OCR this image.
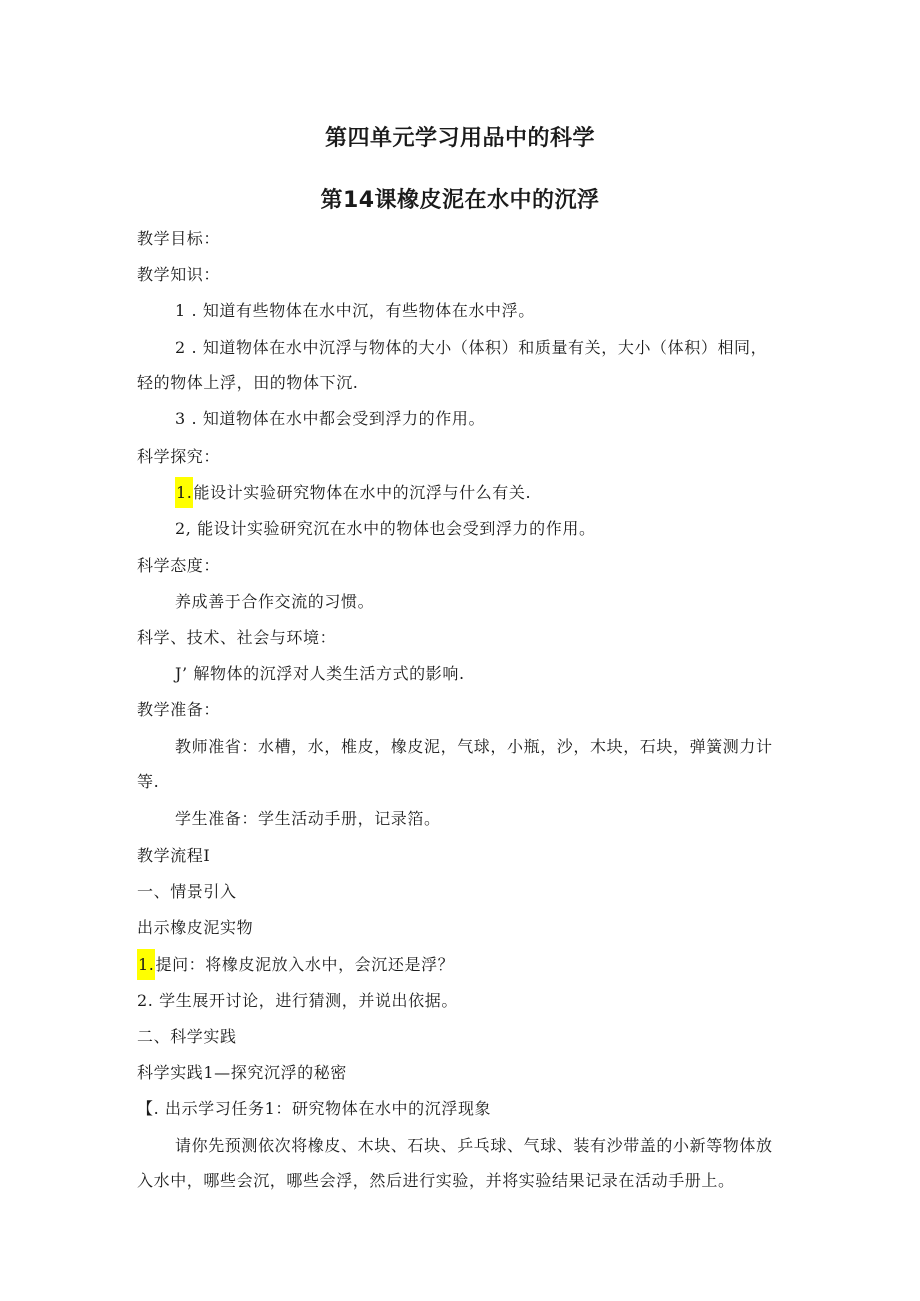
第四单元学习用品中的科学
第14课橡皮泥在水中的沉浮
教学目标：
教学知识：
1 . 知道有些物体在水中沉，有些物体在水中浮。
2 . 知道物体在水中沉浮与物体的大小（体积）和质量有关，大小（体积）相同，
轻的物体上浮，田的物体下沉.
3 . 知道物体在水中都会受到浮力的作用。
科学探究：
1.能设计实验研究物体在水中的沉浮与什么有关.
2, 能设计实验研究沉在水中的物体也会受到浮力的作用。
科学态度：
养成善于合作交流的习惯。
科学、技术、社会与环境：
J’ 解物体的沉浮对人类生活方式的影响.
教学准备：
教师准省：水槽，水，椎皮，橡皮泥，气球，小瓶，沙，木块，石块，弹簧测力计
等.
学生准备：学生活动手册，记录箔。
教学流程I
一、情景引入
出示橡皮泥实物
1.提问：将橡皮泥放入水中，会沉还是浮？
2. 学生展开讨论，进行猜测，并说出依据。
二、科学实践
科学实践1—探究沉浮的秘密
【. 出示学习任务1：研究物体在水中的沉浮现象
请你先预测依次将橡皮、木块、石块、乒乓球、气球、装有沙带盖的小新等物体放
入水中，哪些会沉，哪些会浮，然后进行实验，并将实验结果记录在活动手册上。
